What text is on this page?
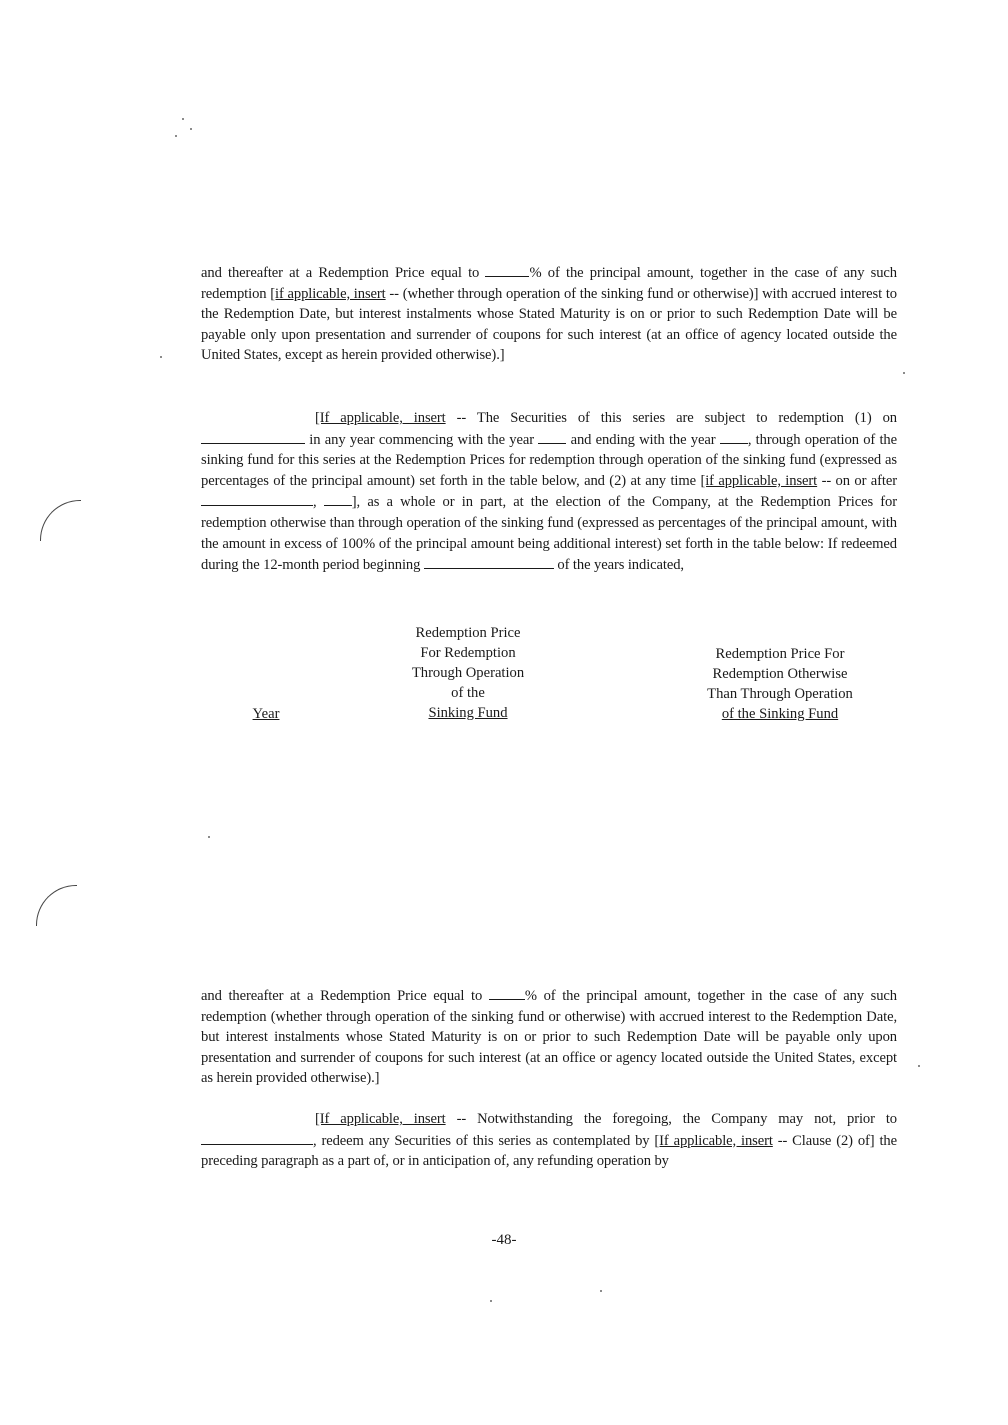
and thereafter at a Redemption Price equal to	% of the principal amount, together in the case of any such redemption [if applicable, insert -- (whether through operation of the sinking fund or otherwise)] with accrued interest to the Redemption Date, but interest instalments whose Stated Maturity is on or prior to such Redemption Date will be payable only upon presentation and surrender of coupons for such interest (at an office of agency located outside the United States, except as herein provided otherwise).]
[If applicable, insert -- The Securities of this series are subject to redemption (1) on  in any year commencing with the year  and ending with the year , through operation of the sinking fund for this series at the Redemption Prices for redemption through operation of the sinking fund (expressed as percentages of the principal amount) set forth in the table below, and (2) at any time [if applicable, insert -- on or after , ], as a whole or in part, at the election of the Company, at the Redemption Prices for redemption otherwise than through operation of the sinking fund (expressed as percentages of the principal amount, with the amount in excess of 100% of the principal amount being additional interest) set forth in the table below: If redeemed during the 12-month period beginning	of the years indicated,
Year
Redemption Price
For Redemption
Through Operation
of the
Sinking Fund
Redemption Price For
Redemption Otherwise
Than Through Operation
of the Sinking Fund
and thereafter at a Redemption Price equal to % of the principal amount, together in the case of any such redemption (whether through operation of the sinking fund or otherwise) with accrued interest to the Redemption Date, but interest instalments whose Stated Maturity is on or prior to such Redemption Date will be payable only upon presentation and surrender of coupons for such interest (at an office or agency located outside the United States, except as herein provided otherwise).]
[If applicable, insert -- Notwithstanding the foregoing, the Company may not, prior to , redeem any Securities of this series as contemplated by [If applicable, insert -- Clause (2) of] the preceding paragraph as a part of, or in anticipation of, any refunding operation by
-48-
